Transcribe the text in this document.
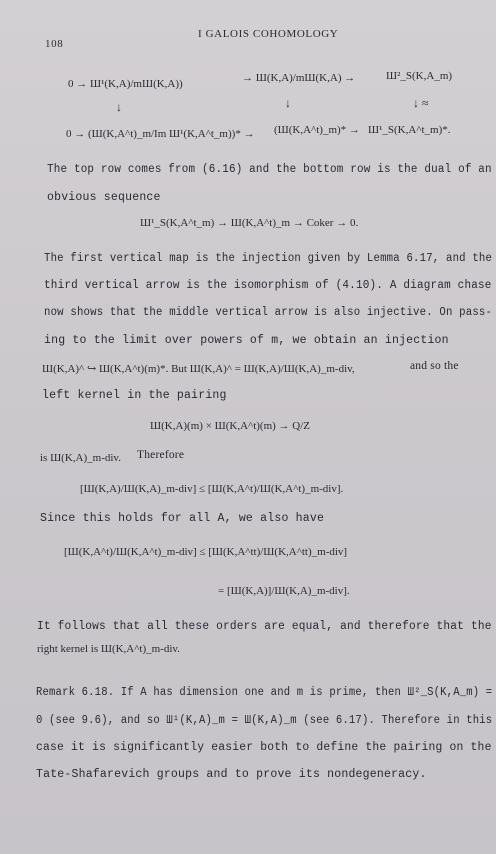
108
I GALOIS COHOMOLOGY
0 → Ш¹(K,A)/mШ(K,A))	→ Ш(K,A)/mШ(K,A) →	Ш²_S(K,A_m)
↓	↓	↓ ≈
0 → (Ш(K,A^t)_m/Im Ш¹(K,A^t_m))* → (Ш(K,A^t)_m)* → Ш¹_S(K,A^t_m)*.
The top row comes from (6.16) and the bottom row is the dual of an
obvious sequence
Ш¹_S(K,A^t_m) → Ш(K,A^t)_m → Coker → 0.
The first vertical map is the injection given by Lemma 6.17, and the
third vertical arrow is the isomorphism of (4.10). A diagram chase
now shows that the middle vertical arrow is also injective. On pass-
ing to the limit over powers of m, we obtain an injection
Ш(K,A)^ ↪ Ш(K,A^t)(m)*. But Ш(K,A)^ = Ш(K,A)/Ш(K,A)_m-div,	and so the
left kernel in the pairing
Ш(K,A)(m) × Ш(K,A^t)(m) → Q/Z
is Ш(K,A)_m-div. Therefore
[Ш(K,A)/Ш(K,A)_m-div] ≤ [Ш(K,A^t)/Ш(K,A^t)_m-div].
Since this holds for all A, we also have
[Ш(K,A^t)/Ш(K,A^t)_m-div] ≤ [Ш(K,A^tt)/Ш(K,A^tt)_m-div]
= [Ш(K,A)]/Ш(K,A)_m-div].
It follows that all these orders are equal, and therefore that the
right kernel is Ш(K,A^t)_m-div.
Remark 6.18. If A has dimension one and m is prime, then Ш²_S(K,A_m) =
0 (see 9.6), and so Ш¹(K,A)_m = Ш(K,A)_m (see 6.17). Therefore in this
case it is significantly easier both to define the pairing on the
Tate-Shafarevich groups and to prove its nondegeneracy.
